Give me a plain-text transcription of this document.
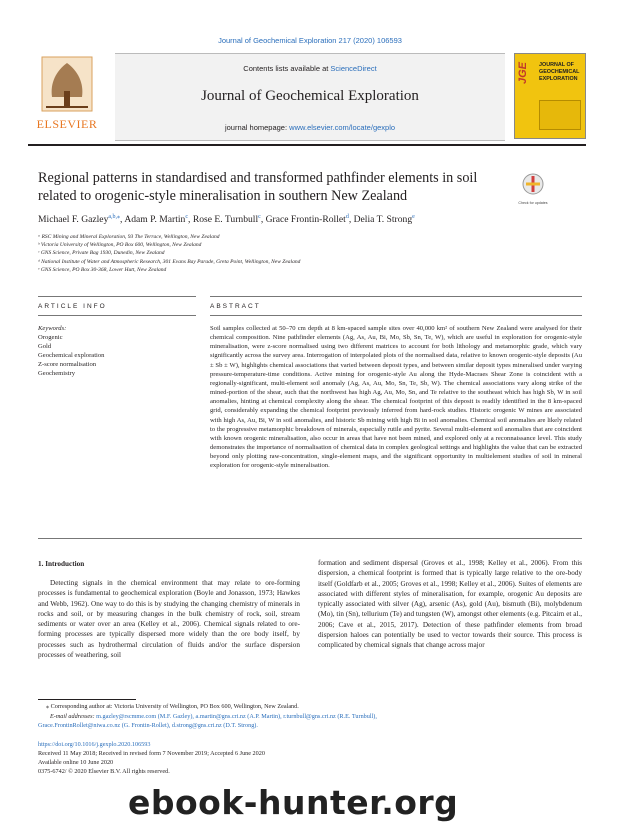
Journal of Geochemical Exploration 217 (2020) 106593
ELSEVIER
Contents lists available at ScienceDirect
Journal of Geochemical Exploration
journal homepage: www.elsevier.com/locate/gexplo
JGE	JOURNAL OF GEOCHEMICAL EXPLORATION
Regional patterns in standardised and transformed pathfinder elements in soil related to orogenic-style mineralisation in southern New Zealand	Check for updates
Michael F. Gazley$^{a,b,⁎}$, Adam P. Martin$^c$, Rose E. Turnbull$^c$, Grace Frontin-Rollet$^d$, Delia T. Strong$^e$
ᵃ RSC Mining and Mineral Exploration, 93 The Terrace, Wellington, New Zealand
ᵇ Victoria University of Wellington, PO Box 600, Wellington, New Zealand
ᶜ GNS Science, Private Bag 1930, Dunedin, New Zealand
ᵈ National Institute of Water and Atmospheric Research, 301 Evans Bay Parade, Greta Point, Wellington, New Zealand
ᵉ GNS Science, PO Box 30-368, Lower Hutt, New Zealand
ARTICLE INFO	ABSTRACT
Keywords:
Orogenic
Gold
Geochemical exploration
Z-score normalisation
Geochemistry
Soil samples collected at 50–70 cm depth at 8 km-spaced sample sites over 40,000 km² of southern New Zealand were analysed for their chemical composition. Nine pathfinder elements (Ag, As, Au, Bi, Mo, Sb, Sn, Te, W), which are useful in exploration for orogenic-style mineralisation, were z-score normalised using two different matrices to account for both lithology and metamorphic grade, which vary significantly across the survey area. Interrogation of interpolated plots of the normalised data, relative to known orogenic-style deposits (Au ± Sb ± W), highlights chemical associations that varied between deposit types, and between similar deposit types mineralised under varying pressure-temperature-time conditions. Active mining for orogenic-style Au along the Hyde-Macraes Shear Zone is coincident with a regionally-significant, multi-element soil anomaly (Ag, As, Au, Mo, Sn, Te, Sb, W). The chemical associations vary along strike of the mined-portion of the shear, such that the northwest has high Ag, Au, Mo, Sn, and Te relative to the southeast which has high Sb, W in soil anomalies, hinting at chemical complexity along the shear. The chemical footprint of this deposit is readily identified in the 8 km-spaced grid, considerably expanding the chemical footprint previously inferred from hard-rock studies. Historic orogenic W mines are associated with high As, Au, Bi, W in soil anomalies, and historic Sb mining with high Bi in soil anomalies. Chemical soil anomalies are likely related to the progressive metamorphic breakdown of minerals, especially rutile and pyrite. Several multi-element soil anomalies that are coincident with known orogenic mineralisation, also occur in areas that have not been mined, and explored only at a reconnaissance level. This study demonstrates the importance of normalisation of chemical data in complex geological settings and highlights the value that can be extracted beyond only plotting raw-concentration, single-element maps, and the significant opportunity in multielement studies of soil in mineral exploration for orogenic-style mineralisation.
1. Introduction
Detecting signals in the chemical environment that may relate to ore-forming processes is fundamental to geochemical exploration (Boyle and Jonasson, 1973; Hawkes and Webb, 1962). One way to do this is by studying the changing chemistry of minerals in rocks and soil, or by measuring changes in the bulk chemistry of rock, soil, stream sediments or water over an area (Kelley et al., 2006). Chemical signals related to ore-forming processes are typically dispersed more widely than the ore body itself, by processes such as hydrothermal circulation of fluids and/or the surface dispersion processes of weathering, soil
formation and sediment dispersal (Groves et al., 1998; Kelley et al., 2006). From this dispersion, a chemical footprint is formed that is typically large relative to the ore-body itself (Goldfarb et al., 2005; Groves et al., 1998; Kelley et al., 2006). Suites of elements are associated with different styles of mineralisation, for example, orogenic Au deposits are typically associated with silver (Ag), arsenic (As), gold (Au), bismuth (Bi), molybdenum (Mo), tin (Sn), tellurium (Te) and tungsten (W), amongst other elements (e.g. Pitcairn et al., 2006; Cave et al., 2015, 2017). Detection of these pathfinder elements from broad dispersion haloes can potentially be used to vector towards their source. This process is complicated by chemical signals that change across major
⁎ Corresponding author at: Victoria University of Wellington, PO Box 600, Wellington, New Zealand.
E-mail addresses: m.gazley@rscmme.com (M.F. Gazley), a.martin@gns.cri.nz (A.P. Martin), r.turnbull@gns.cri.nz (R.E. Turnbull),
Grace.FrontinRollet@niwa.co.nz (G. Frontin-Rollet), d.strong@gns.cri.nz (D.T. Strong).
https://doi.org/10.1016/j.gexplo.2020.106593
Received 11 May 2018; Received in revised form 7 November 2019; Accepted 6 June 2020
Available online 10 June 2020
0375-6742/ © 2020 Elsevier B.V. All rights reserved.
ebook-hunter.org
